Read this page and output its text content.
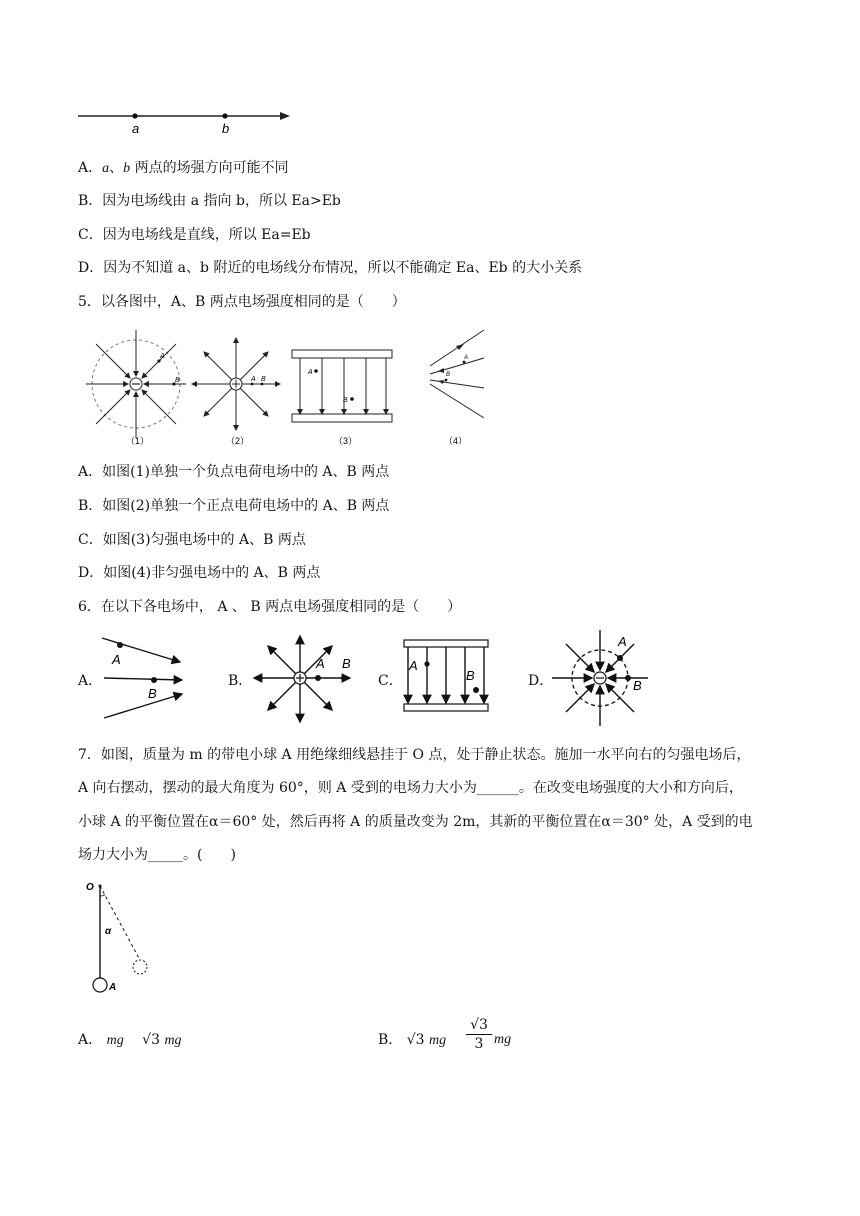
a	b
A．a、b 两点的场强方向可能不同
B．因为电场线由 a 指向 b，所以 Ea>Eb
C．因为电场线是直线，所以 Ea=Eb
D．因为不知道 a、b 附近的电场线分布情况，所以不能确定 Ea、Eb 的大小关系
5．以各图中，A、B 两点电场强度相同的是（　　）
A
B
（1）
A B
（2）
A
B
（3）
A
B
（4）
A．如图(1)单独一个负点电荷电场中的 A、B 两点
B．如图(2)单独一个正点电荷电场中的 A、B 两点
C．如图(3)匀强电场中的 A、B 两点
D．如图(4)非匀强电场中的 A、B 两点
6．在以下各电场中， A 、 B 两点电场强度相同的是（　　）
A．	B．	C．	D．
A
B
A B	A
B
A
B
7．如图，质量为 m 的带电小球 A 用绝缘细线悬挂于 O 点，处于静止状态。施加一水平向右的匀强电场后，
A 向右摆动，摆动的最大角度为 60°，则 A 受到的电场力大小为______。在改变电场强度的大小和方向后，
小球 A 的平衡位置在α＝60° 处，然后再将 A 的质量改变为 2m，其新的平衡位置在α＝30° 处，A 受到的电
场力大小为_____。(　　)
O
α
A
A． mg √3 mg	B． √3 mg
√3
3 mg
